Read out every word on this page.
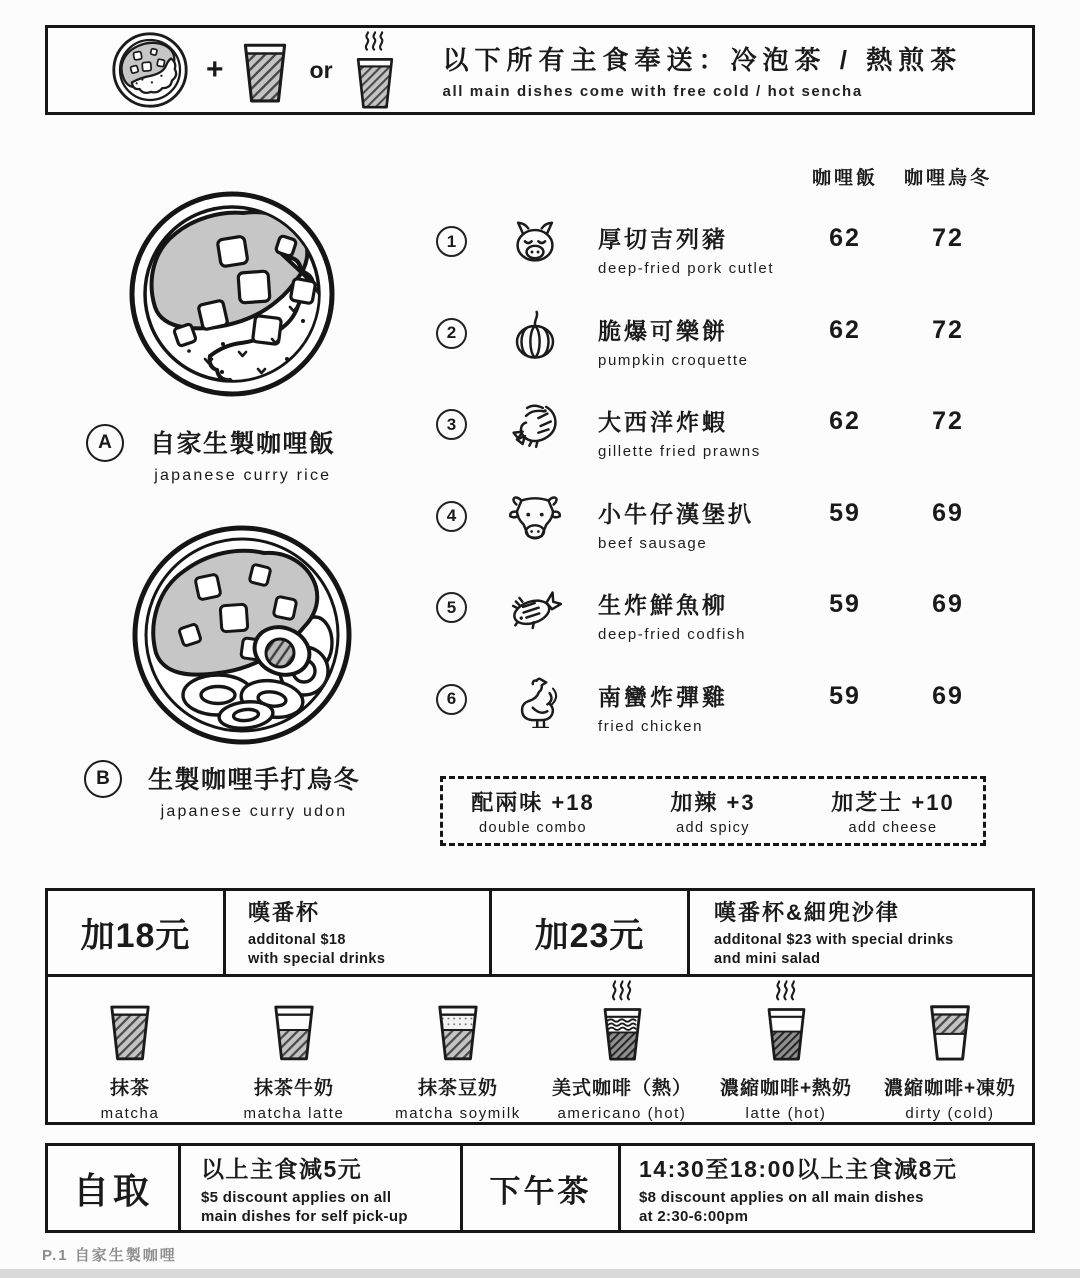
+	or	以下所有主食奉送：冷泡茶 / 熱煎茶
all main dishes come with free cold / hot sencha
咖哩飯	咖哩烏冬
A	自家生製咖哩飯
japanese curry rice
B	生製咖哩手打烏冬
japanese curry udon
1	厚切吉列豬
deep-fried pork cutlet
62	72
2	脆爆可樂餅
pumpkin croquette
62	72
3	大西洋炸蝦
gillette fried prawns
62	72
4	小牛仔漢堡扒
beef sausage
59	69
5	生炸鮮魚柳
deep-fried codfish
59	69
6	南蠻炸彈雞
fried chicken
59	69
配兩味 +18
double combo
加辣 +3
add spicy
加芝士 +10
add cheese
加18元
嘆番杯
additonal $18
with special drinks
加23元
嘆番杯&細兜沙律
additonal $23 with special drinks
and mini salad
抹茶
matcha
抹茶牛奶
matcha latte
抹茶豆奶
matcha soymilk
美式咖啡（熱）
americano (hot)
濃縮咖啡+熱奶
latte (hot)
濃縮咖啡+凍奶
dirty (cold)
自取
以上主食減5元
$5 discount applies on all
main dishes for self pick-up
下午茶
14:30至18:00以上主食減8元
$8 discount applies on all main dishes
at 2:30-6:00pm
P.1 自家生製咖哩
